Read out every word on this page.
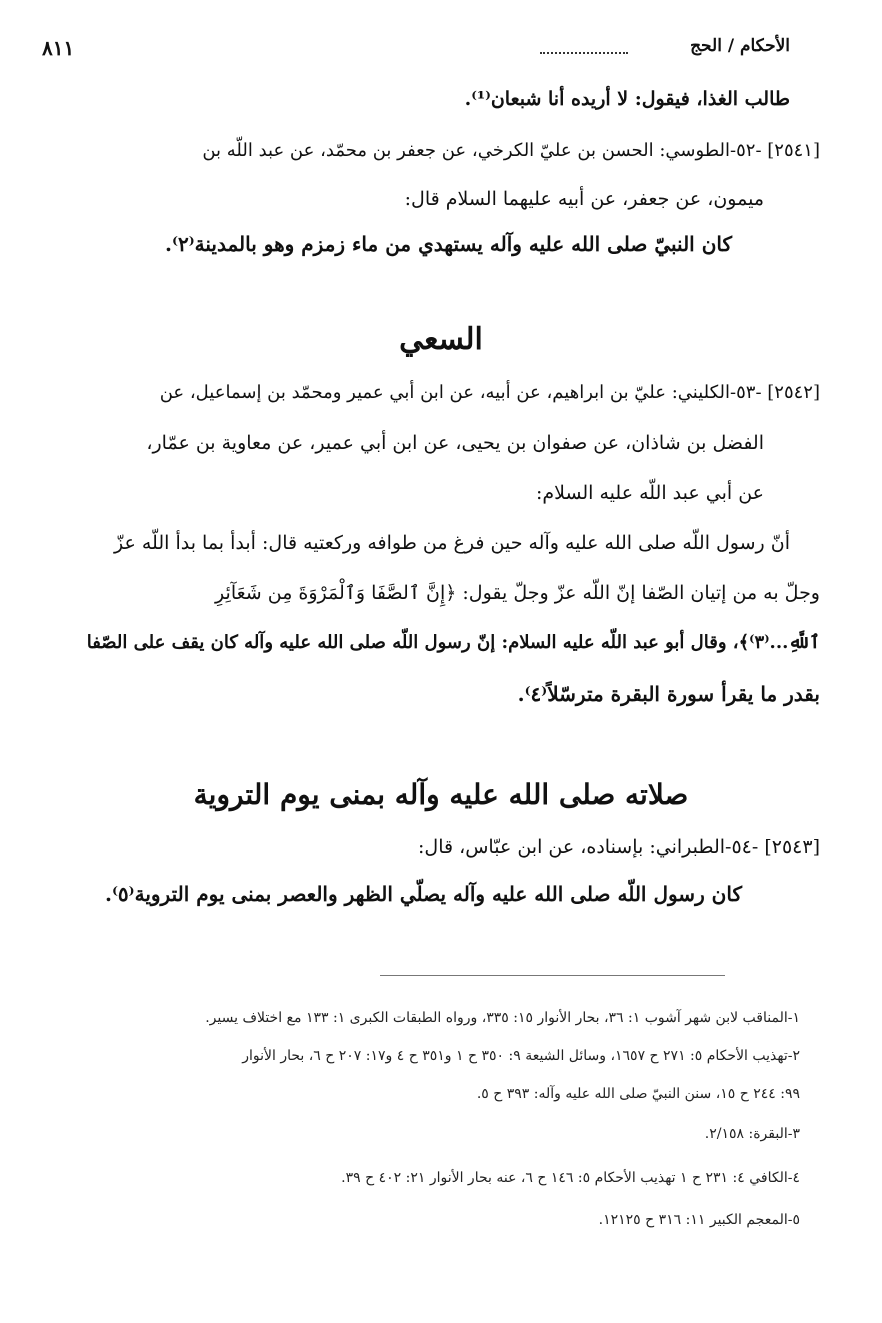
الأحكام / الحج
٨١١
طالب الغذا، فيقول: لا أريده أنا شبعان⁽¹⁾.
[٢٥٤١] -٥٢-الطوسي: الحسن بن عليّ الكرخي، عن جعفر بن محمّد، عن عبد اللّه بن
ميمون، عن جعفر، عن أبيه عليهما السلام قال:
كان النبيّ صلى الله عليه وآله يستهدي من ماء زمزم وهو بالمدينة⁽٢⁾.
السعي
[٢٥٤٢] -٥٣-الكليني: عليّ بن ابراهيم، عن أبيه، عن ابن أبي عمير ومحمّد بن إسماعيل، عن
الفضل بن شاذان، عن صفوان بن يحيى، عن ابن أبي عمير، عن معاوية بن عمّار،
عن أبي عبد اللّه عليه السلام:
أنّ رسول اللّه صلى الله عليه وآله حين فرغ من طوافه وركعتيه قال: أبدأ بما بدأ اللّه عزّ
وجلّ به من إتيان الصّفا إنّ اللّه عزّ وجلّ يقول: ﴿إِنَّ ٱلصَّفَا وَٱلْمَرْوَةَ مِن شَعَآئِرِ
ٱللَّهِ...⁽٣⁾﴾، وقال أبو عبد اللّه عليه السلام: إنّ رسول اللّه صلى الله عليه وآله كان يقف على الصّفا
بقدر ما يقرأ سورة البقرة مترسّلاً⁽٤⁾.
صلاته صلى الله عليه وآله بمنى يوم التروية
[٢٥٤٣] -٥٤-الطبراني: بإسناده، عن ابن عبّاس، قال:
كان رسول اللّه صلى الله عليه وآله يصلّي الظهر والعصر بمنى يوم التروية⁽٥⁾.
١-المناقب لابن شهر آشوب ١: ٣٦، بحار الأنوار ١٥: ٣٣٥، ورواه الطبقات الكبرى ١: ١٣٣ مع اختلاف يسير.
٢-تهذيب الأحكام ٥: ٢٧١ ح ١٦٥٧، وسائل الشيعة ٩: ٣٥٠ ح ١ و٣٥١ ح ٤ و١٧: ٢٠٧ ح ٦، بحار الأنوار
٩٩: ٢٤٤ ح ١٥، سنن النبيّ صلى الله عليه وآله: ٣٩٣ ح ٥.
٣-البقرة: ٢/١٥٨.
٤-الكافي ٤: ٢٣١ ح ١ تهذيب الأحكام ٥: ١٤٦ ح ٦، عنه بحار الأنوار ٢١: ٤٠٢ ح ٣٩.
٥-المعجم الكبير ١١: ٣١٦ ح ١٢١٢٥.
